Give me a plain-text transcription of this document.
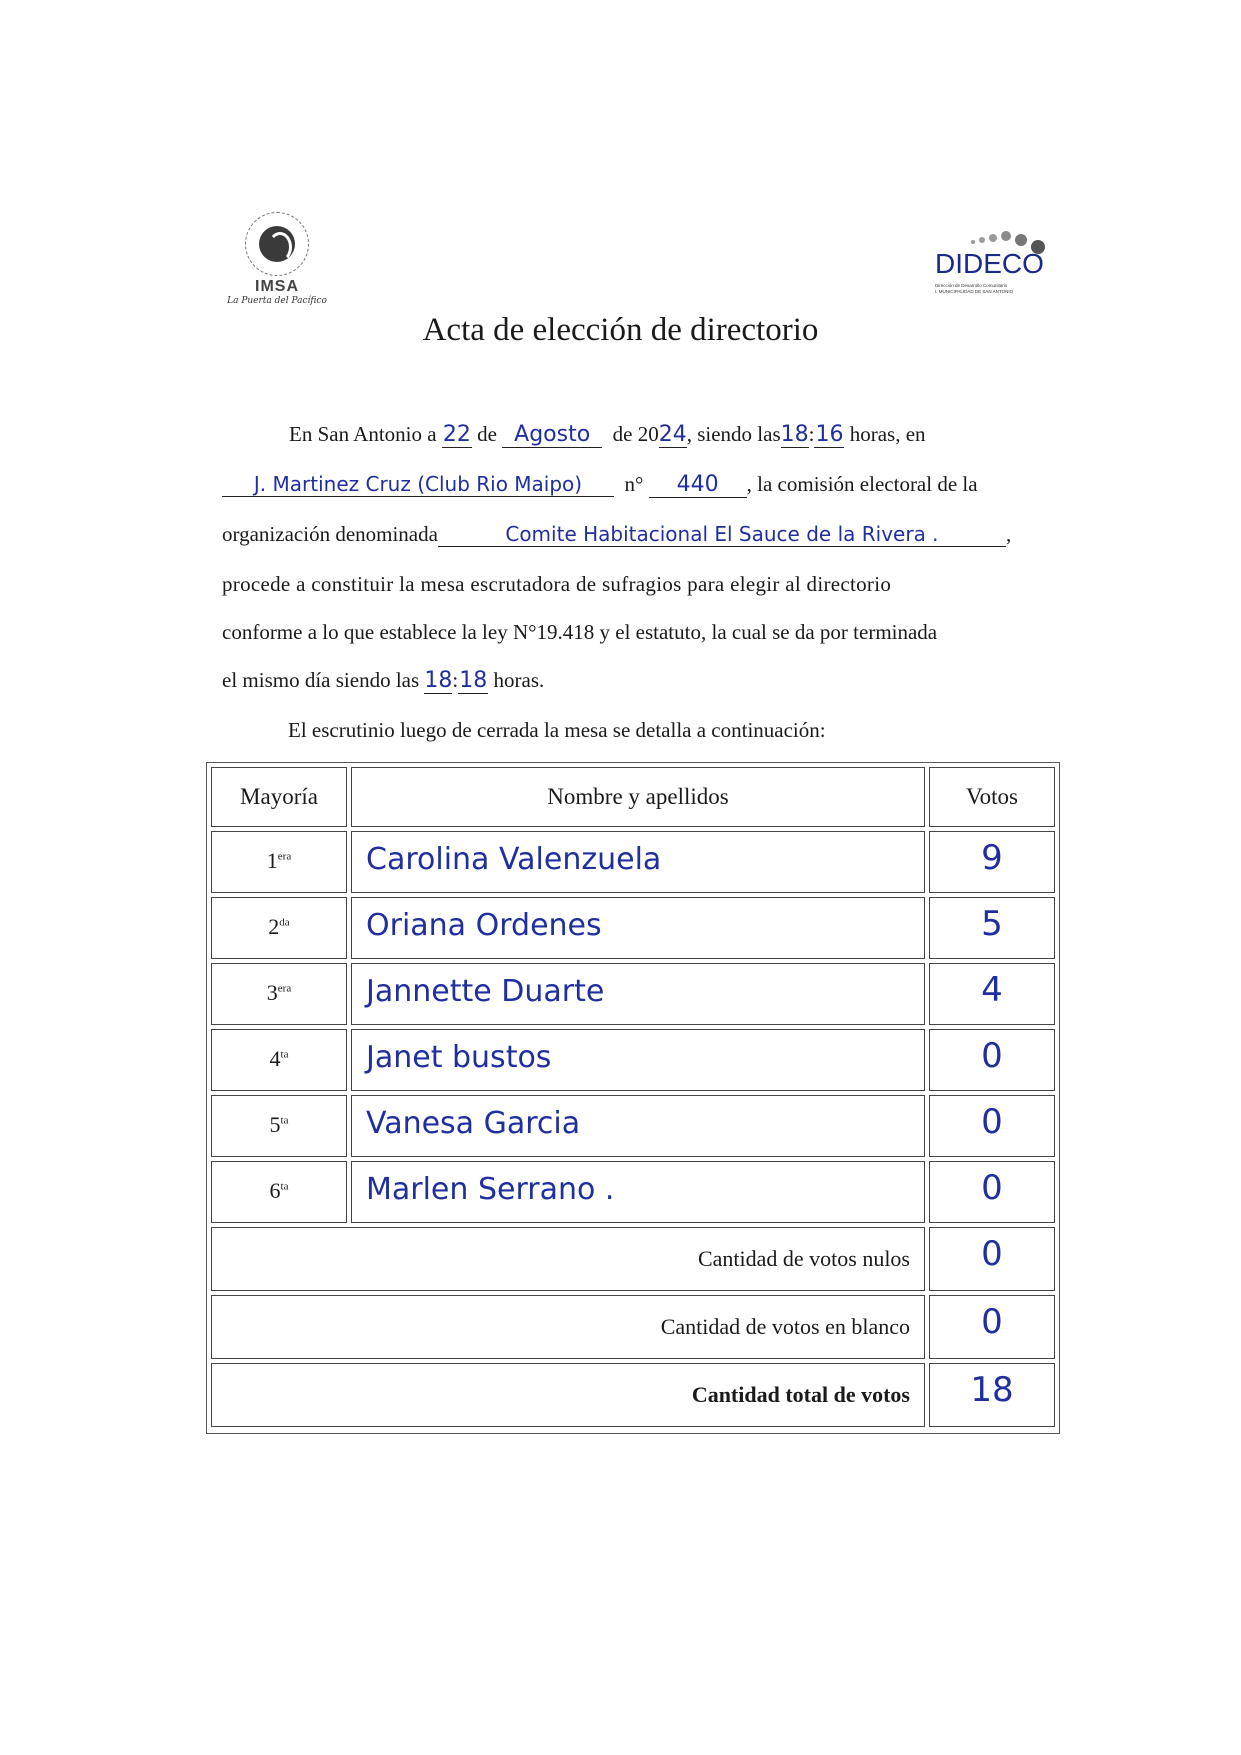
IMSA
La Puerta del Pacífico
DIDECO
Dirección de Desarrollo Comunitario
I. MUNICIPALIDAD DE SAN ANTONIO
Acta de elección de directorio
En San Antonio a 22 de Agosto de 2024, siendo las18:16 horas, en
J. Martinez Cruz (Club Rio Maipo) n° 440 , la comisión electoral de la
organización denominada	Comite Habitacional El Sauce de la Rivera .	,
procede a constituir la mesa escrutadora de sufragios para elegir al directorio
conforme a lo que establece la ley N°19.418 y el estatuto, la cual se da por terminada
el mismo día siendo las 18:18 horas.
El escrutinio luego de cerrada la mesa se detalla a continuación:
Mayoría	Nombre y apellidos	Votos
$1^{era}$	Carolina Valenzuela	9
$2^{da}$	Oriana Ordenes	5
$3^{era}$	Jannette Duarte	4
$4^{ta}$	Janet bustos	0
$5^{ta}$	Vanesa Garcia	0
$6^{ta}$	Marlen Serrano .	0
Cantidad de votos nulos	0
Cantidad de votos en blanco	0
Cantidad total de votos	18
